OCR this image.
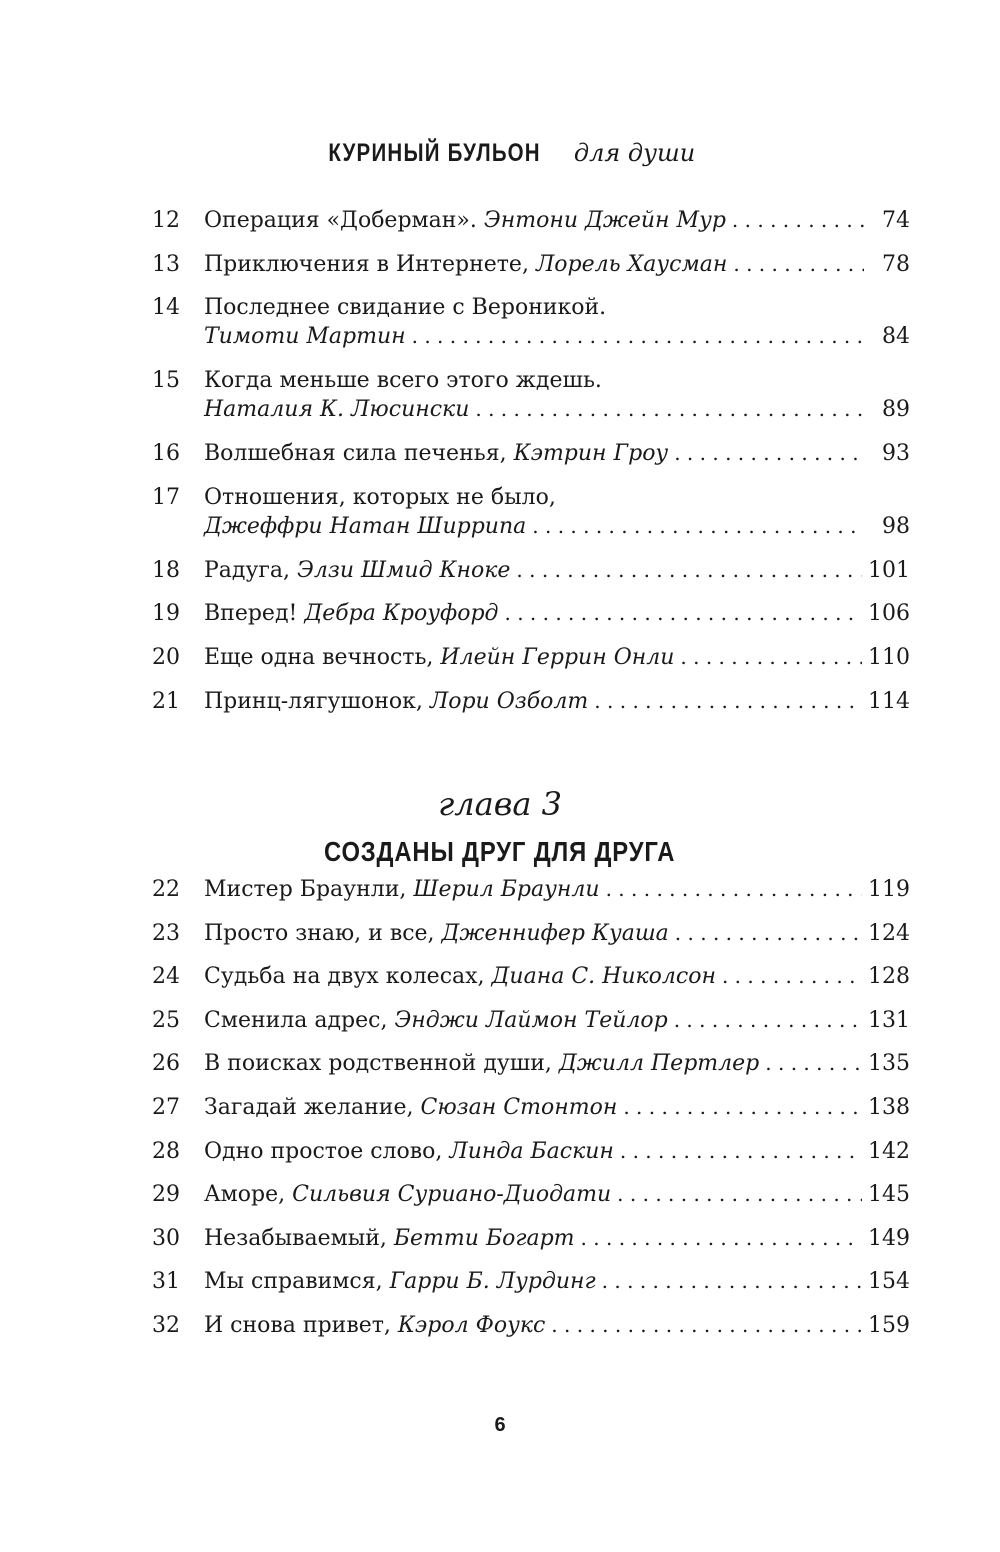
КУРИНЫЙ БУЛЬОН для души
12	Операция «Доберман». Энтони Джейн Мур . . .	74
13	Приключения в Интернете, Лорель Хаусман . . .	78
14	Последнее свидание с Вероникой.
Тимоти Мартин . . .	84
15	Когда меньше всего этого ждешь.
Наталия К. Люсински . . .	89
16	Волшебная сила печенья, Кэтрин Гроу . . .	93
17	Отношения, которых не было,
Джеффри Натан Ширрипа . . .	98
18	Радуга, Элзи Шмид Кноке . . .	101
19	Вперед! Дебра Кроуфорд . . .	106
20	Еще одна вечность, Илейн Геррин Онли . . .	110
21	Принц-лягушонок, Лори Озболт . . .	114
глава 3
СОЗДАНЫ ДРУГ ДЛЯ ДРУГА
22	Мистер Браунли, Шерил Браунли . . .	119
23	Просто знаю, и все, Дженнифер Куаша . . .	124
24	Судьба на двух колесах, Диана С. Николсон . . .	128
25	Сменила адрес, Энджи Лаймон Тейлор . . .	131
26	В поисках родственной души, Джилл Пертлер . . .	135
27	Загадай желание, Сюзан Стонтон . . .	138
28	Одно простое слово, Линда Баскин . . .	142
29	Аморе, Сильвия Суриано-Диодати . . .	145
30	Незабываемый, Бетти Богарт . . .	149
31	Мы справимся, Гарри Б. Лурдинг . . .	154
32	И снова привет, Кэрол Фоукс . . .	159
6
